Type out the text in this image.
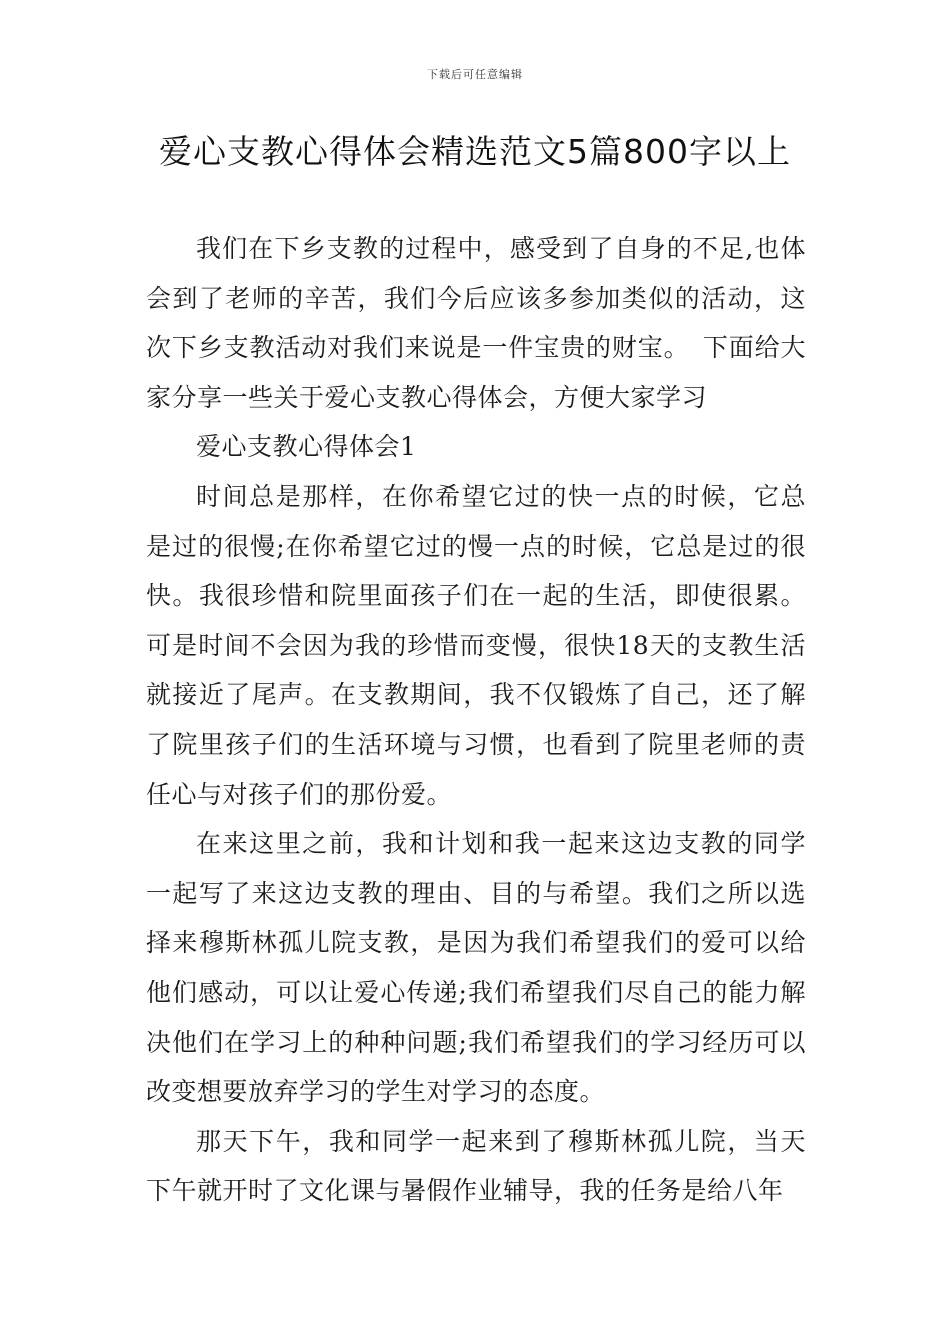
下载后可任意编辑
爱心支教心得体会精选范文5篇800字以上

我们在下乡支教的过程中，感受到了自身的不足,也体会到了老师的辛苦，我们今后应该多参加类似的活动，这次下乡支教活动对我们来说是一件宝贵的财宝。　下面给大家分享一些关于爱心支教心得体会，方便大家学习

爱心支教心得体会1

时间总是那样，在你希望它过的快一点的时候，它总是过的很慢;在你希望它过的慢一点的时候，它总是过的很快。我很珍惜和院里面孩子们在一起的生活，即使很累。可是时间不会因为我的珍惜而变慢，很快18天的支教生活就接近了尾声。在支教期间，我不仅锻炼了自己，还了解了院里孩子们的生活环境与习惯，也看到了院里老师的责任心与对孩子们的那份爱。

在来这里之前，我和计划和我一起来这边支教的同学一起写了来这边支教的理由、目的与希望。我们之所以选择来穆斯林孤儿院支教，是因为我们希望我们的爱可以给他们感动，可以让爱心传递;我们希望我们尽自己的能力解决他们在学习上的种种问题;我们希望我们的学习经历可以改变想要放弃学习的学生对学习的态度。

那天下午，我和同学一起来到了穆斯林孤儿院，当天下午就开时了文化课与暑假作业辅导，我的任务是给八年
